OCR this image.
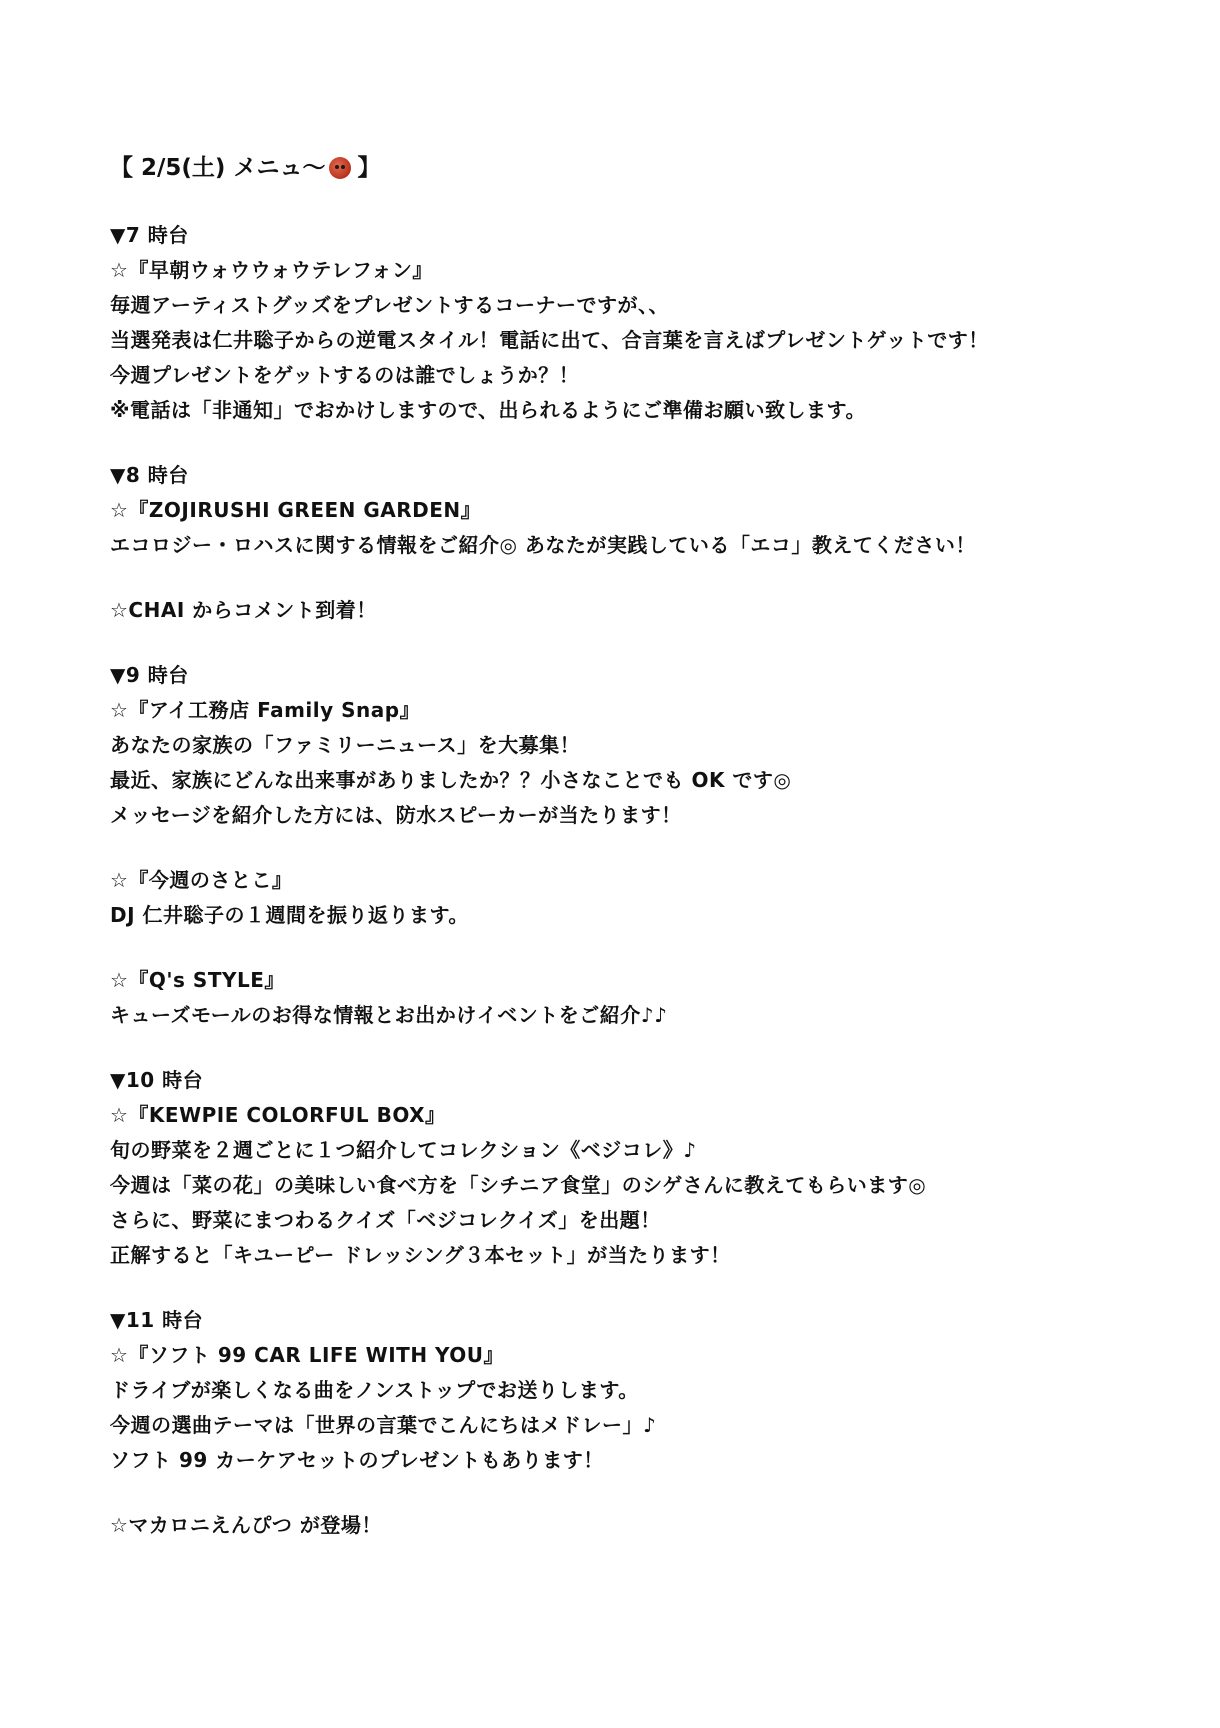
【 2/5(土) メニュ～ 】
▼7 時台
☆『早朝ウォウウォウテレフォン』
毎週アーティストグッズをプレゼントするコーナーですが、、
当選発表は仁井聡子からの逆電スタイル！電話に出て、合言葉を言えばプレゼントゲットです！
今週プレゼントをゲットするのは誰でしょうか？！
※電話は「非通知」でおかけしますので、出られるようにご準備お願い致します。
▼8 時台
☆『ZOJIRUSHI GREEN GARDEN』
エコロジー・ロハスに関する情報をご紹介◎ あなたが実践している「エコ」教えてください！
☆CHAI からコメント到着！
▼9 時台
☆『アイ工務店 Family Snap』
あなたの家族の「ファミリーニュース」を大募集！
最近、家族にどんな出来事がありましたか？？小さなことでも OK です◎
メッセージを紹介した方には、防水スピーカーが当たります！
☆『今週のさとこ』
DJ 仁井聡子の１週間を振り返ります。
☆『Q's STYLE』
キューズモールのお得な情報とお出かけイベントをご紹介♪♪
▼10 時台
☆『KEWPIE COLORFUL BOX』
旬の野菜を２週ごとに１つ紹介してコレクション《ベジコレ》♪
今週は「菜の花」の美味しい食べ方を「シチニア食堂」のシゲさんに教えてもらいます◎
さらに、野菜にまつわるクイズ「ベジコレクイズ」を出題！
正解すると「キユーピー ドレッシング３本セット」が当たります！
▼11 時台
☆『ソフト 99 CAR LIFE WITH YOU』
ドライブが楽しくなる曲をノンストップでお送りします。
今週の選曲テーマは「世界の言葉でこんにちはメドレー」♪
ソフト 99 カーケアセットのプレゼントもあります！
☆マカロニえんぴつ が登場！
